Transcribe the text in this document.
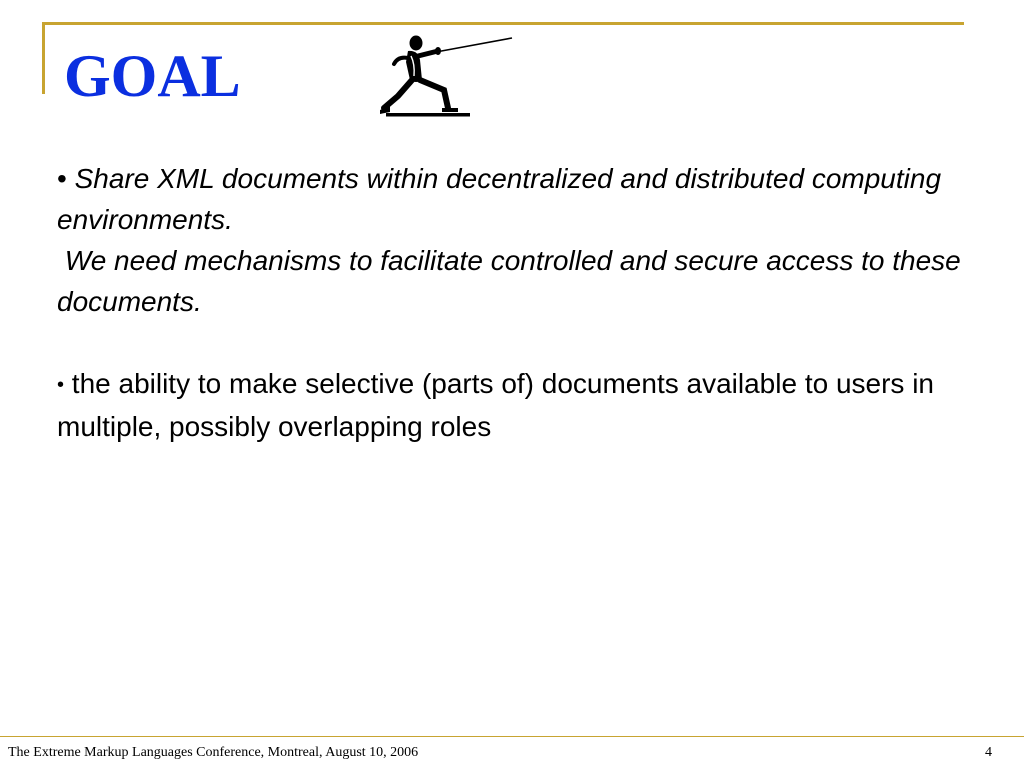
GOAL

• Share XML documents within decentralized and distributed computing environments.

We need mechanisms to facilitate controlled and secure access to these documents.

• the ability to make selective (parts of) documents available to users in multiple, possibly overlapping roles

The Extreme Markup Languages Conference, Montreal, August 10, 2006	4
